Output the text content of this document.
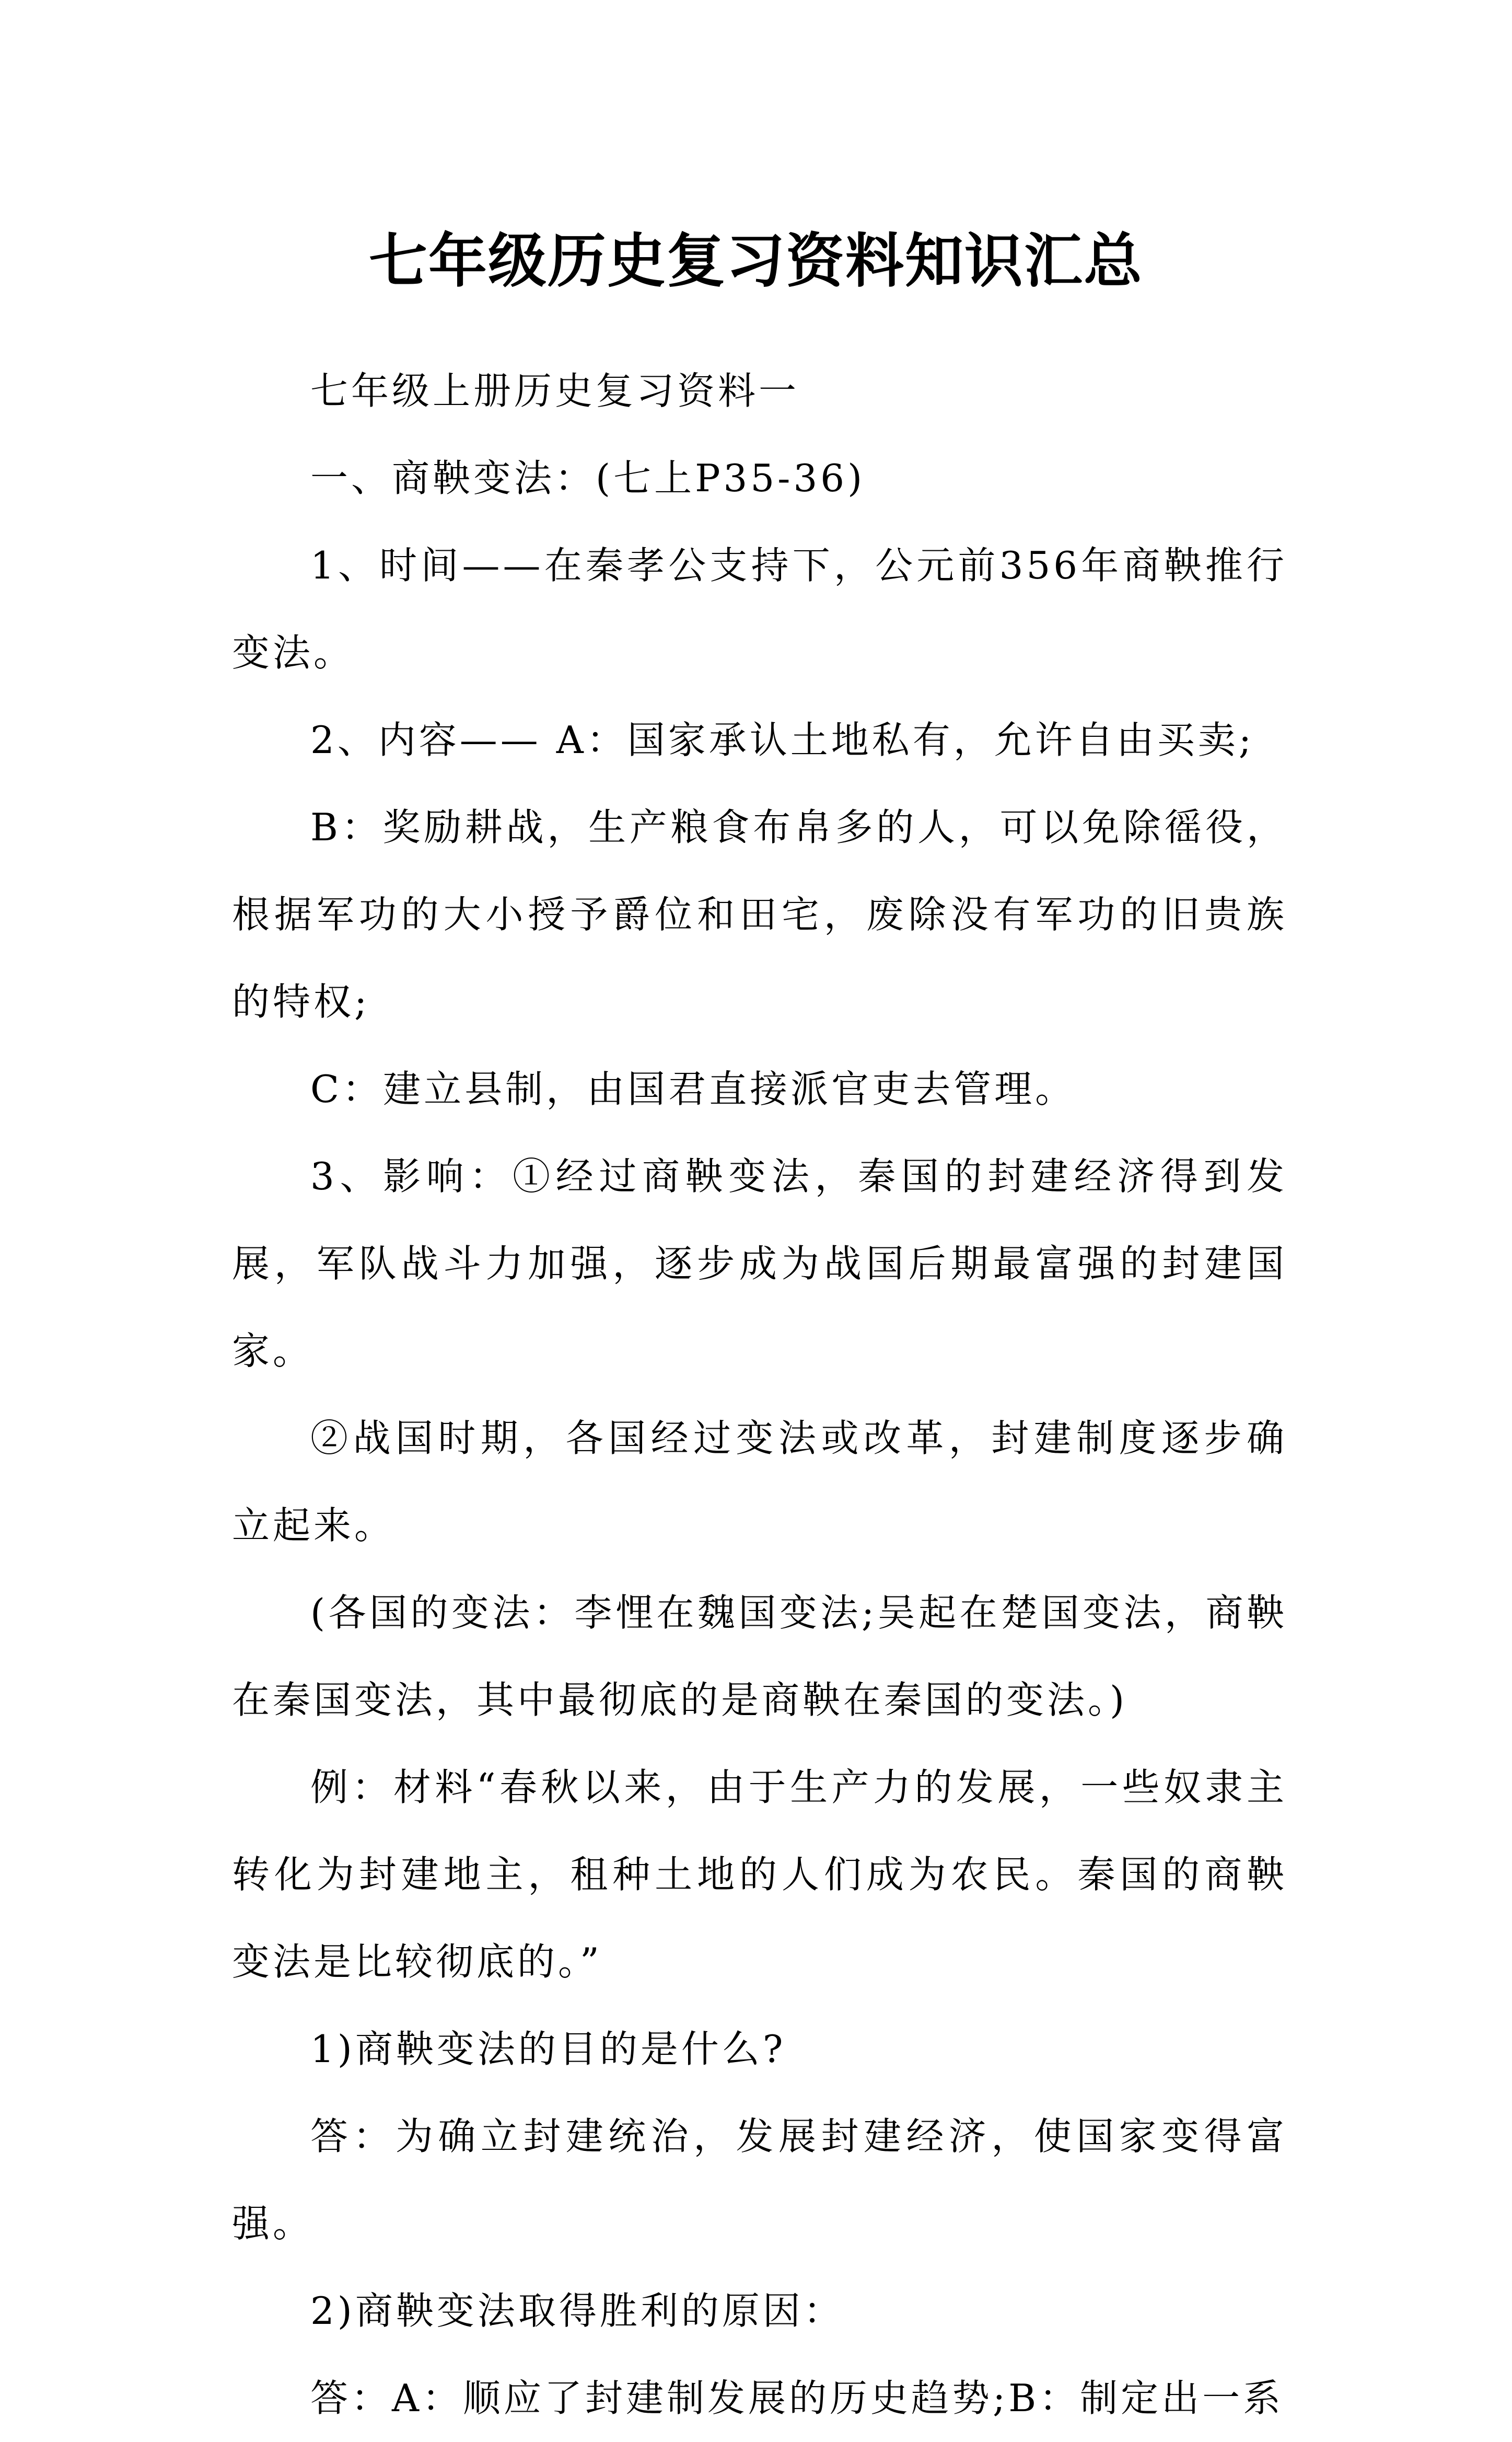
七年级历史复习资料知识汇总

七年级上册历史复习资料一

一、商鞅变法：(七上P35-36)

1、时间——在秦孝公支持下，公元前356年商鞅推行变法。

2、内容—— A：国家承认土地私有，允许自由买卖;

B：奖励耕战，生产粮食布帛多的人，可以免除徭役，根据军功的大小授予爵位和田宅，废除没有军功的旧贵族的特权;

C：建立县制，由国君直接派官吏去管理。

3、影响：①经过商鞅变法，秦国的封建经济得到发展，军队战斗力加强，逐步成为战国后期最富强的封建国家。

②战国时期，各国经过变法或改革，封建制度逐步确立起来。

(各国的变法：李悝在魏国变法;吴起在楚国变法，商鞅在秦国变法，其中最彻底的是商鞅在秦国的变法。)

例：材料“春秋以来，由于生产力的发展，一些奴隶主转化为封建地主，租种土地的人们成为农民。秦国的商鞅变法是比较彻底的。”

1)商鞅变法的目的是什么?

答：为确立封建统治，发展封建经济，使国家变得富强。

2)商鞅变法取得胜利的原因：

答：A：顺应了封建制发展的历史趋势;B：制定出一系
